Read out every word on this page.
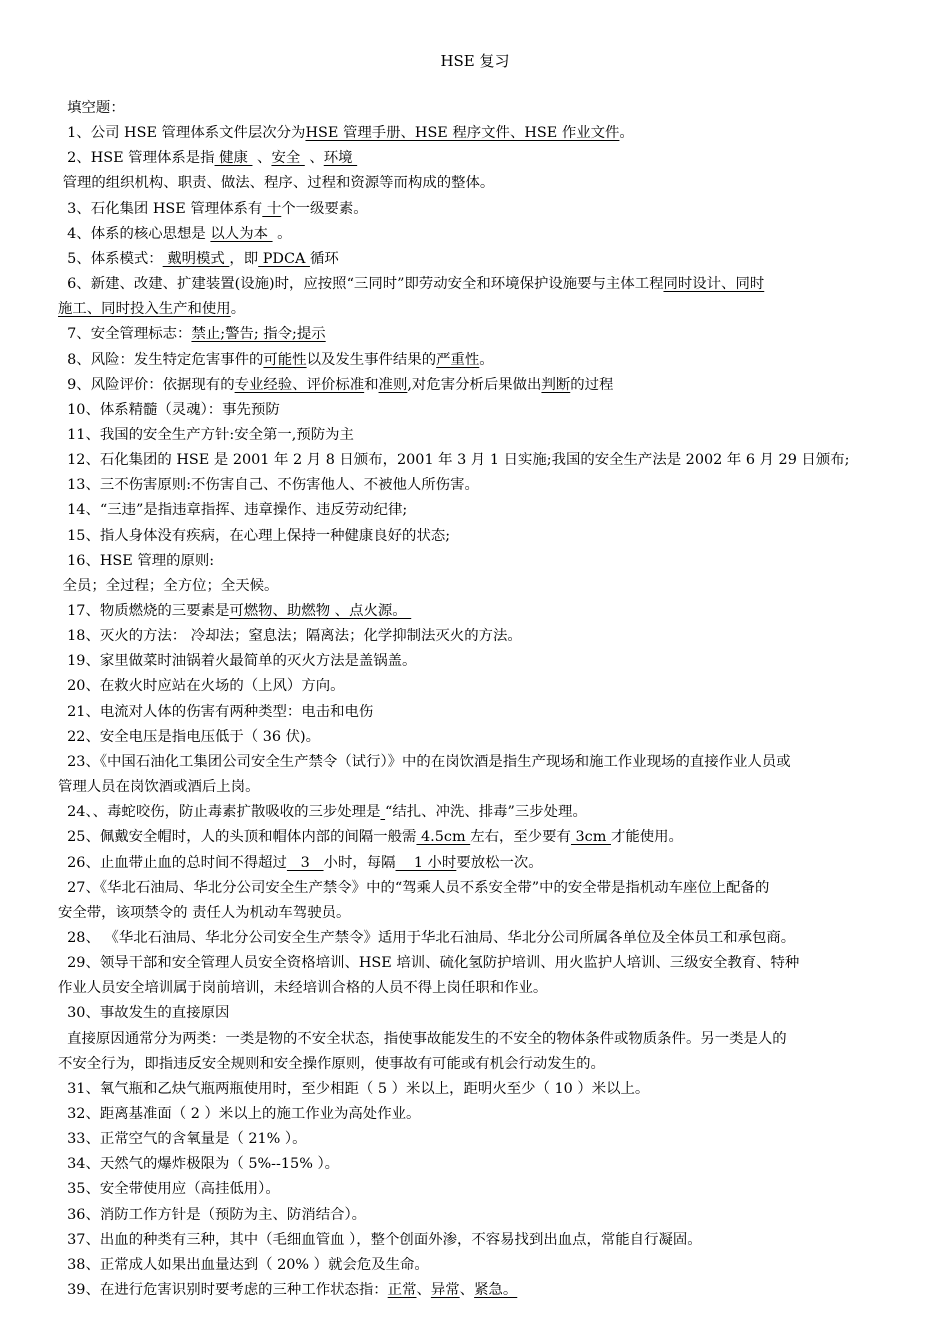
HSE 复习
填空题：
1、公司 HSE 管理体系文件层次分为HSE 管理手册、HSE 程序文件、HSE 作业文件。
2、HSE 管理体系是指 健康  、安全  、环境
管理的组织机构、职责、做法、程序、过程和资源等而构成的整体。
3、石化集团 HSE 管理体系有 十个一级要素。
4、体系的核心思想是 以人为本  。
5、体系模式： 戴明模式 ，即 PDCA 循环
6、新建、改建、扩建装置(设施)时，应按照“三同时”即劳动安全和环境保护设施要与主体工程同时设计、同时
施工、同时投入生产和使用。
7、安全管理标志：禁止;警告; 指令;提示
8、风险：发生特定危害事件的可能性以及发生事件结果的严重性。
9、风险评价：依据现有的专业经验、评价标准和准则,对危害分析后果做出判断的过程
10、体系精髓（灵魂）：事先预防
11、我国的安全生产方针:安全第一,预防为主
12、石化集团的 HSE 是 2001 年 2 月 8 日颁布，2001 年 3 月 1 日实施;我国的安全生产法是 2002 年 6 月 29 日颁布;
13、三不伤害原则:不伤害自己、不伤害他人、不被他人所伤害。
14、“三违”是指违章指挥、违章操作、违反劳动纪律;
15、指人身体没有疾病，在心理上保持一种健康良好的状态;
16、HSE 管理的原则:
全员；全过程；全方位；全天候。
17、物质燃烧的三要素是可燃物、助燃物 、点火源。
18、灭火的方法： 冷却法；窒息法；隔离法；化学抑制法灭火的方法。
19、家里做菜时油锅着火最简单的灭火方法是盖锅盖。
20、在救火时应站在火场的（上风）方向。
21、电流对人体的伤害有两种类型：电击和电伤
22、安全电压是指电压低于（ 36 伏)。
23、《中国石油化工集团公司安全生产禁令（试行）》中的在岗饮酒是指生产现场和施工作业现场的直接作业人员或
管理人员在岗饮酒或酒后上岗。
24、、毒蛇咬伤，防止毒素扩散吸收的三步处理是 “结扎、冲洗、排毒”三步处理。
25、佩戴安全帽时，人的头顶和帽体内部的间隔一般需 4.5cm 左右，至少要有 3cm 才能使用。
26、止血带止血的总时间不得超过   3   小时，每隔    1 小时要放松一次。
27、《华北石油局、华北分公司安全生产禁令》中的“驾乘人员不系安全带”中的安全带是指机动车座位上配备的
安全带，该项禁令的 责任人为机动车驾驶员。
28、 《华北石油局、华北分公司安全生产禁令》适用于华北石油局、华北分公司所属各单位及全体员工和承包商。
29、领导干部和安全管理人员安全资格培训、HSE 培训、硫化氢防护培训、用火监护人培训、三级安全教育、特种
作业人员安全培训属于岗前培训，未经培训合格的人员不得上岗任职和作业。
30、事故发生的直接原因
直接原因通常分为两类：一类是物的不安全状态，指使事故能发生的不安全的物体条件或物质条件。另一类是人的
不安全行为，即指违反安全规则和安全操作原则，使事故有可能或有机会行动发生的。
31、氧气瓶和乙炔气瓶两瓶使用时，至少相距（ 5 ）米以上，距明火至少（ 10 ）米以上。
32、距离基准面（ 2 ）米以上的施工作业为高处作业。
33、正常空气的含氧量是（ 21% ）。
34、天然气的爆炸极限为（ 5%--15% ）。
35、安全带使用应（高挂低用）。
36、消防工作方针是（预防为主、防消结合）。
37、出血的种类有三种，其中（毛细血管血 ），整个创面外渗，不容易找到出血点，常能自行凝固。
38、正常成人如果出血量达到（ 20% ）就会危及生命。
39、在进行危害识别时要考虑的三种工作状态指：正常、异常、紧急。
